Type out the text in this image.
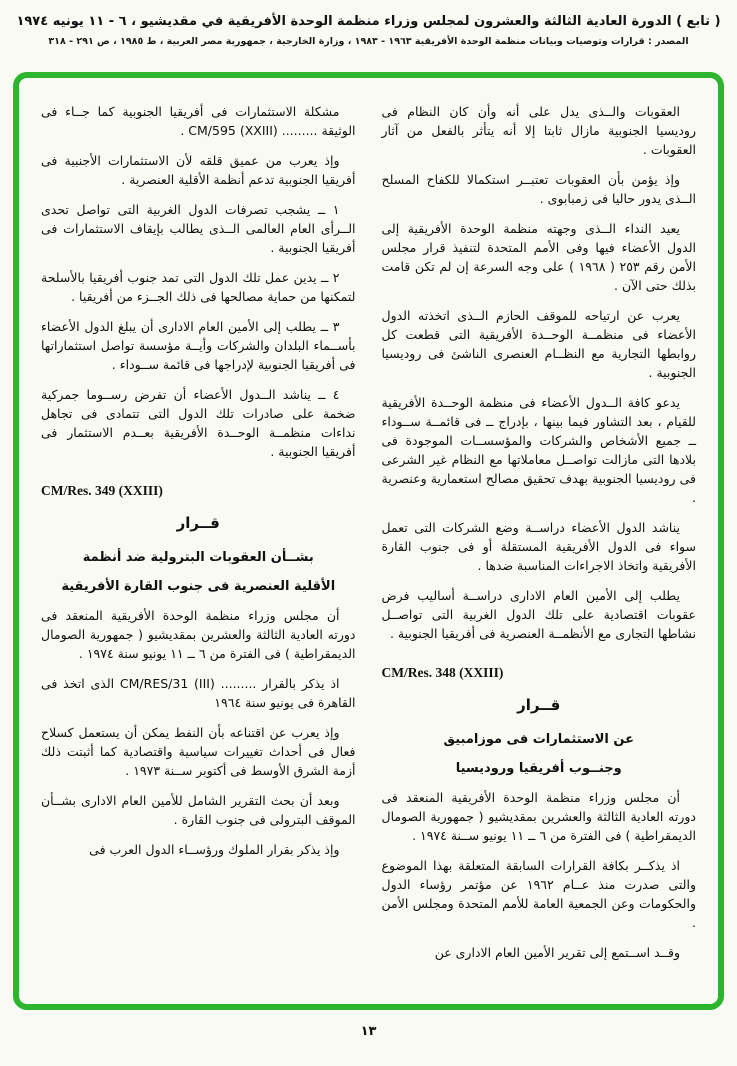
( تابع ) الدورة العادية الثالثة والعشرون لمجلس وزراء منظمة الوحدة الأفريقية في مقديشيو ، ٦ - ١١ يونيه ١٩٧٤
المصدر : قرارات وتوصيات وبيانات منظمة الوحدة الأفريقية ١٩٦٣ - ١٩٨٣ ، وزارة الخارجية ، جمهورية مصر العربية ، ط ١٩٨٥ ، ص ٢٩١ - ٣١٨

العقوبات والــذى يدل على أنه وأن كان النظام فى روديسيا الجنوبية مازال ثابتا إلا أنه يتأثر بالفعل من آثار العقوبات .

وإذ يؤمن بأن العقوبات تعتبــر استكمالا للكفاح المسلح الــذى يدور حاليا فى زمبابوى .

يعيد النداء الــذى وجهته منظمة الوحدة الأفريقية إلى الدول الأعضاء فيها وفى الأمم المتحدة لتنفيذ قرار مجلس الأمن رقم ٢٥٣ ( ١٩٦٨ ) على وجه السرعة إن لم تكن قامت بذلك حتى الآن .

يعرب عن ارتياحه للموقف الحازم الــذى اتخذته الدول الأعضاء فى منظمــة الوحــدة الأفريقية التى قطعت كل روابطها التجارية مع النظــام العنصرى الناشئ فى روديسيا الجنوبية .

يدعو كافة الــدول الأعضاء فى منظمة الوحــدة الأفريقية للقيام ، بعد التشاور فيما بينها ، بإدراج ــ فى قائمــة ســوداء ــ جميع الأشخاص والشركات والمؤسســات الموجودة فى بلادها التى مازالت تواصــل معاملاتها مع النظام غير الشرعى فى روديسيا الجنوبية بهدف تحقيق مصالح استعمارية وعنصرية .

يناشد الدول الأعضاء دراســة وضع الشركات التى تعمل سواء فى الدول الأفريقية المستقلة أو فى جنوب القارة الأفريقية واتخاذ الاجراءات المناسبة ضدها .

يطلب إلى الأمين العام الادارى دراســة أساليب فرض عقوبات اقتصادية على تلك الدول الغربية التى تواصــل نشاطها التجارى مع الأنظمــة العنصرية فى أفريقيا الجنوبية .

CM/Res. 348 (XXIII)
قــرار
عن الاستثمارات فى موزامبيق
وجنــوب أفريقيا وروديسيا

أن مجلس وزراء منظمة الوحدة الأفريقية المنعقد فى دورته العادية الثالثة والعشرين بمقديشيو ( جمهورية الصومال الديمقراطية ) فى الفترة من ٦ ــ ١١ يونيو ســنة ١٩٧٤ .

اذ يذكــر بكافة القرارات السابقة المتعلقة بهذا الموضوع والتى صدرت منذ عــام ١٩٦٢ عن مؤتمر رؤساء الدول والحكومات وعن الجمعية العامة للأمم المتحدة ومجلس الأمن .

وقــد اســتمع إلى تقرير الأمين العام الادارى عن

مشكلة الاستثمارات فى أفريقيا الجنوبية كما جــاء فى الوثيقة ......... CM/595 (XXIII) .

وإذ يعرب من عميق قلقه لأن الاستثمارات الأجنبية فى أفريقيا الجنوبية تدعم أنظمة الأقلية العنصرية .

١ ــ يشجب تصرفات الدول الغربية التى تواصل تحدى الــرأى العام العالمى الــذى يطالب بإيقاف الاستثمارات فى أفريقيا الجنوبية .

٢ ــ يدين عمل تلك الدول التى تمد جنوب أفريقيا بالأسلحة لتمكنها من حماية مصالحها فى ذلك الجــزء من أفريقيا .

٣ ــ يطلب إلى الأمين العام الادارى أن يبلغ الدول الأعضاء بأســماء البلدان والشركات وأيــة مؤسسة تواصل استثماراتها فى أفريقيا الجنوبية لإدراجها فى قائمة ســوداء .

٤ ــ يناشد الــدول الأعضاء أن تفرض رســوما جمركية ضخمة على صادرات تلك الدول التى تتمادى فى تجاهل نداءات منظمــة الوحــدة الأفريقية بعــدم الاستثمار فى أفريقيا الجنوبية .

CM/Res. 349 (XXIII)
قــرار
بشــأن العقوبات البترولية ضد أنظمة
الأقلية العنصرية فى جنوب القارة الأفريقية

أن مجلس وزراء منظمة الوحدة الأفريقية المنعقد فى دورته العادية الثالثة والعشرين بمقديشيو ( جمهورية الصومال الديمقراطية ) فى الفترة من ٦ ــ ١١ يونيو سنة ١٩٧٤ .

اذ يذكر بالقرار ......... CM/RES/31 (III) الذى اتخذ فى القاهرة فى يونيو سنة ١٩٦٤

وإذ يعرب عن اقتناعه بأن النفط يمكن أن يستعمل كسلاح فعال فى أحداث تغييرات سياسية واقتصادية كما أثبتت ذلك أزمة الشرق الأوسط فى أكتوبر ســنة ١٩٧٣ .

وبعد أن بحث التقرير الشامل للأمين العام الادارى بشــأن الموقف البترولى فى جنوب القارة .

وإذ يذكر بقرار الملوك ورؤســاء الدول العرب فى

١٣
